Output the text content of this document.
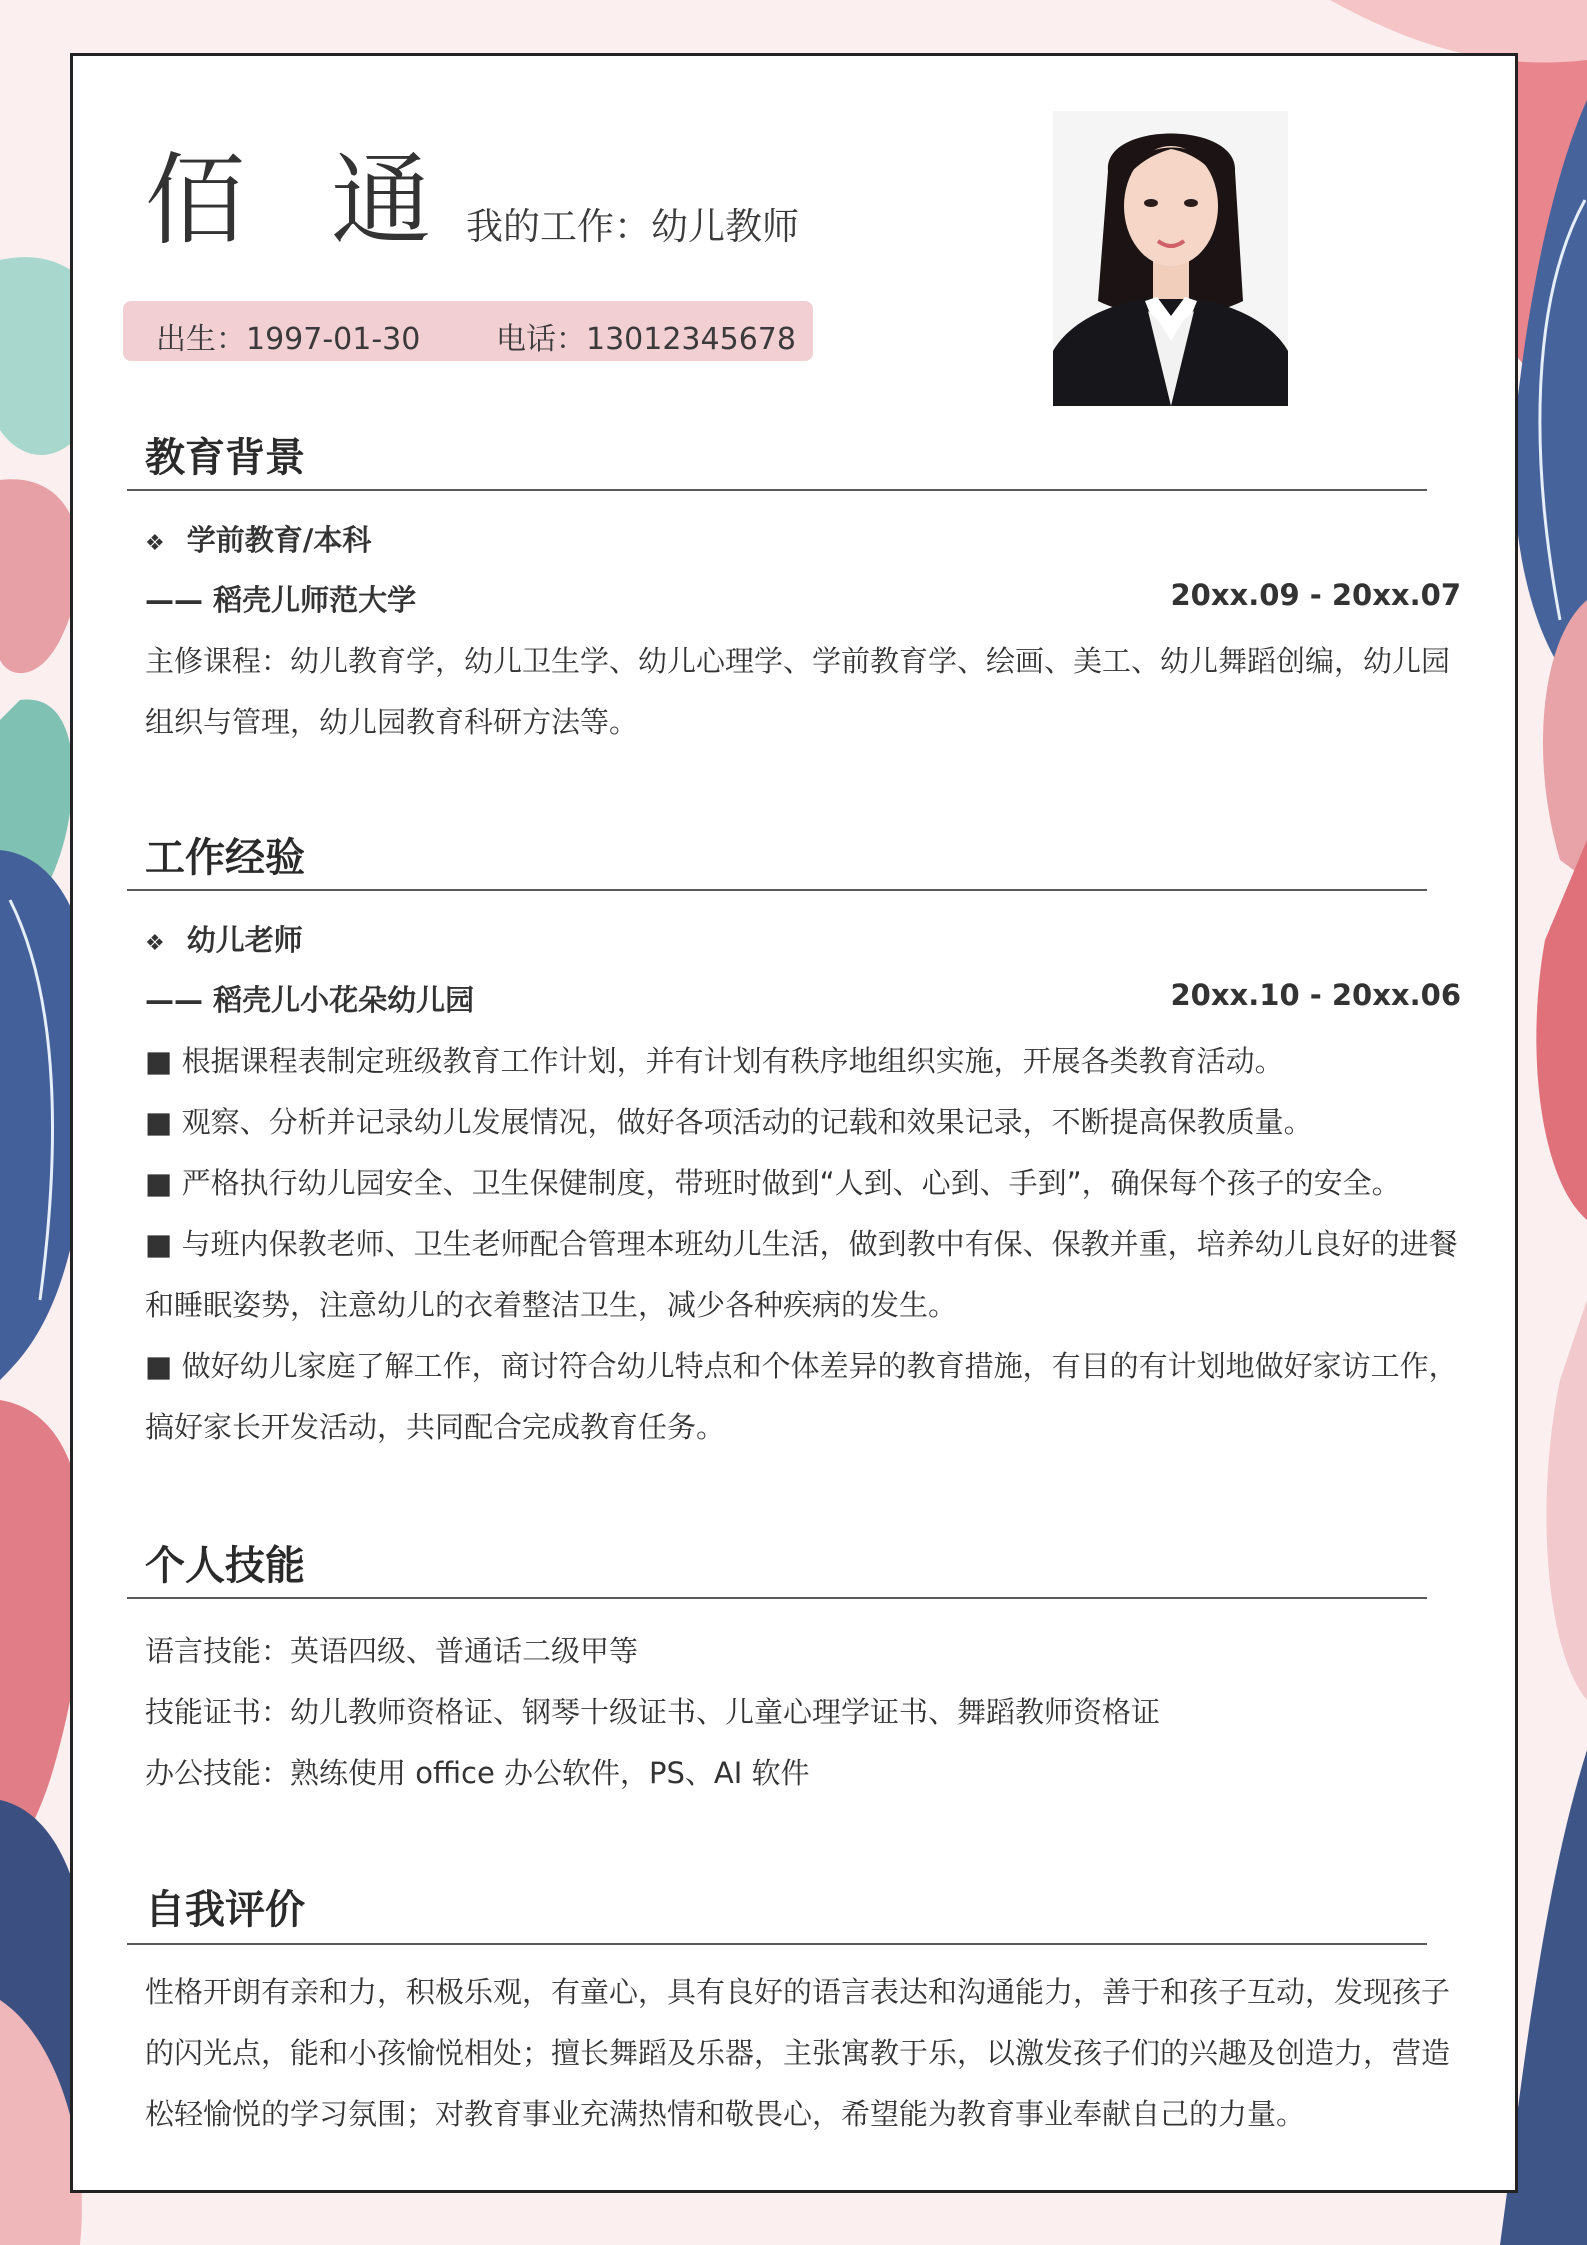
佰通
我的工作：幼儿教师
出生：1997-01-30	电话：13012345678
教育背景
❖ 学前教育/本科
—— 稻壳儿师范大学	20xx.09 - 20xx.07
主修课程：幼儿教育学，幼儿卫生学、幼儿心理学、学前教育学、绘画、美工、幼儿舞蹈创编，幼儿园
组织与管理，幼儿园教育科研方法等。
工作经验
❖ 幼儿老师
—— 稻壳儿小花朵幼儿园	20xx.10 - 20xx.06
■ 根据课程表制定班级教育工作计划，并有计划有秩序地组织实施，开展各类教育活动。
■ 观察、分析并记录幼儿发展情况，做好各项活动的记载和效果记录，不断提高保教质量。
■ 严格执行幼儿园安全、卫生保健制度，带班时做到“人到、心到、手到”，确保每个孩子的安全。
■ 与班内保教老师、卫生老师配合管理本班幼儿生活，做到教中有保、保教并重，培养幼儿良好的进餐
和睡眠姿势，注意幼儿的衣着整洁卫生，减少各种疾病的发生。
■ 做好幼儿家庭了解工作，商讨符合幼儿特点和个体差异的教育措施，有目的有计划地做好家访工作，
搞好家长开发活动，共同配合完成教育任务。
个人技能
语言技能：英语四级、普通话二级甲等
技能证书：幼儿教师资格证、钢琴十级证书、儿童心理学证书、舞蹈教师资格证
办公技能：熟练使用 office 办公软件，PS、AI 软件
自我评价
性格开朗有亲和力，积极乐观，有童心，具有良好的语言表达和沟通能力，善于和孩子互动，发现孩子
的闪光点，能和小孩愉悦相处；擅长舞蹈及乐器，主张寓教于乐，以激发孩子们的兴趣及创造力，营造
松轻愉悦的学习氛围；对教育事业充满热情和敬畏心，希望能为教育事业奉献自己的力量。
